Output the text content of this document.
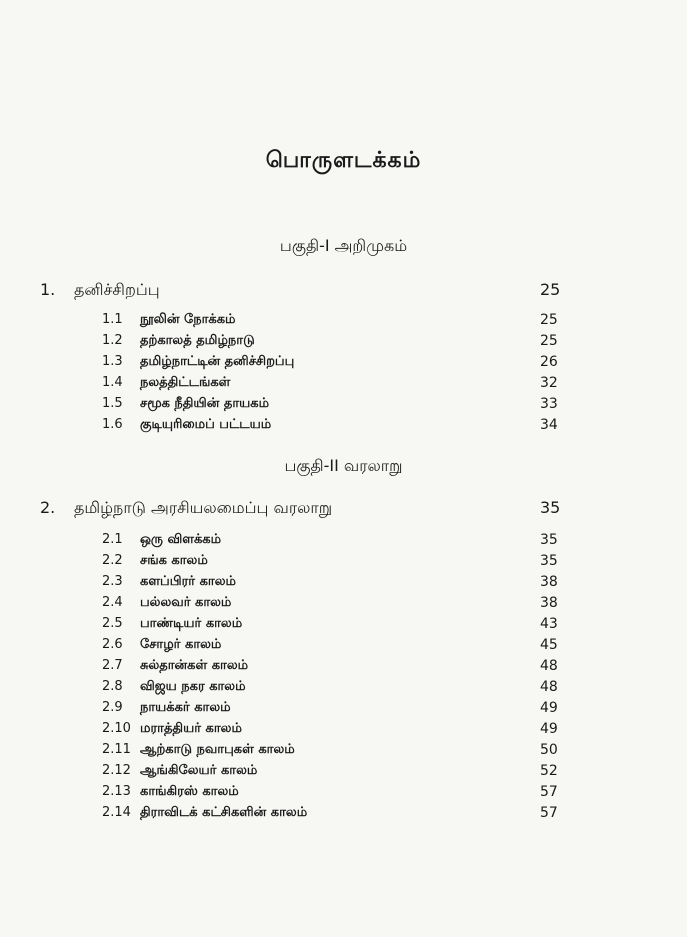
பொருளடக்கம்
பகுதி-I அறிமுகம்
1. தனிச்சிறப்பு	25
1.1	நூலின் நோக்கம்	25
1.2	தற்காலத் தமிழ்நாடு	25
1.3	தமிழ்நாட்டின் தனிச்சிறப்பு	26
1.4	நலத்திட்டங்கள்	32
1.5	சமூக நீதியின் தாயகம்	33
1.6	குடியுரிமைப் பட்டயம்	34
பகுதி-II வரலாறு
2. தமிழ்நாடு அரசியலமைப்பு வரலாறு	35
2.1	ஒரு விளக்கம்	35
2.2	சங்க காலம்	35
2.3	களப்பிரர் காலம்	38
2.4	பல்லவர் காலம்	38
2.5	பாண்டியர் காலம்	43
2.6	சோழர் காலம்	45
2.7	சுல்தான்கள் காலம்	48
2.8	விஜய நகர காலம்	48
2.9	நாயக்கர் காலம்	49
2.10 மராத்தியர் காலம்	49
2.11 ஆற்காடு நவாபுகள் காலம்	50
2.12 ஆங்கிலேயர் காலம்	52
2.13 காங்கிரஸ் காலம்	57
2.14 திராவிடக் கட்சிகளின் காலம்	57
